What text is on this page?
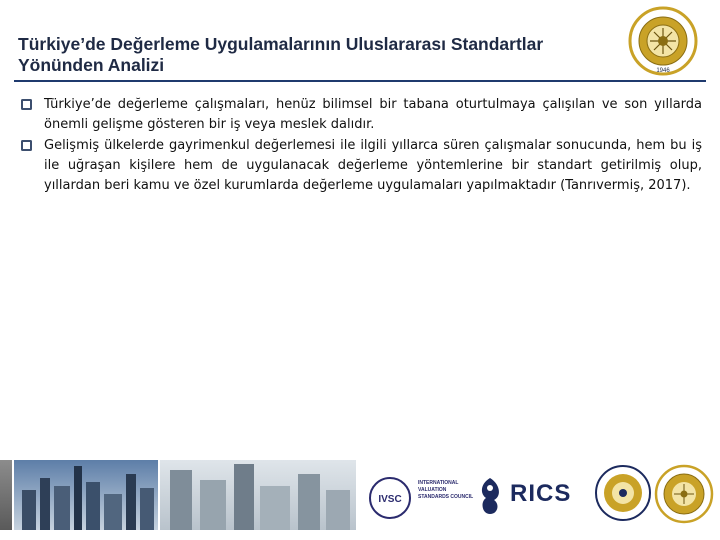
Türkiye’de Değerleme Uygulamalarının Uluslararası Standartlar
Yönünden Analizi	1946
Türkiye’de değerleme çalışmaları, henüz bilimsel bir tabana oturtulmaya çalışılan ve son yıllarda önemli gelişme gösteren bir iş veya meslek dalıdır.
Gelişmiş ülkelerde gayrimenkul değerlemesi ile ilgili yıllarca süren çalışmalar sonucunda, hem bu iş ile uğraşan kişilere hem de uygulanacak değerleme yöntemlerine bir standart getirilmiş olup, yıllardan beri kamu ve özel kurumlarda değerleme uygulamaları yapılmaktadır (Tanrıvermiş, 2017).
IVSC
INTERNATIONAL VALUATION STANDARDS COUNCIL RICS
